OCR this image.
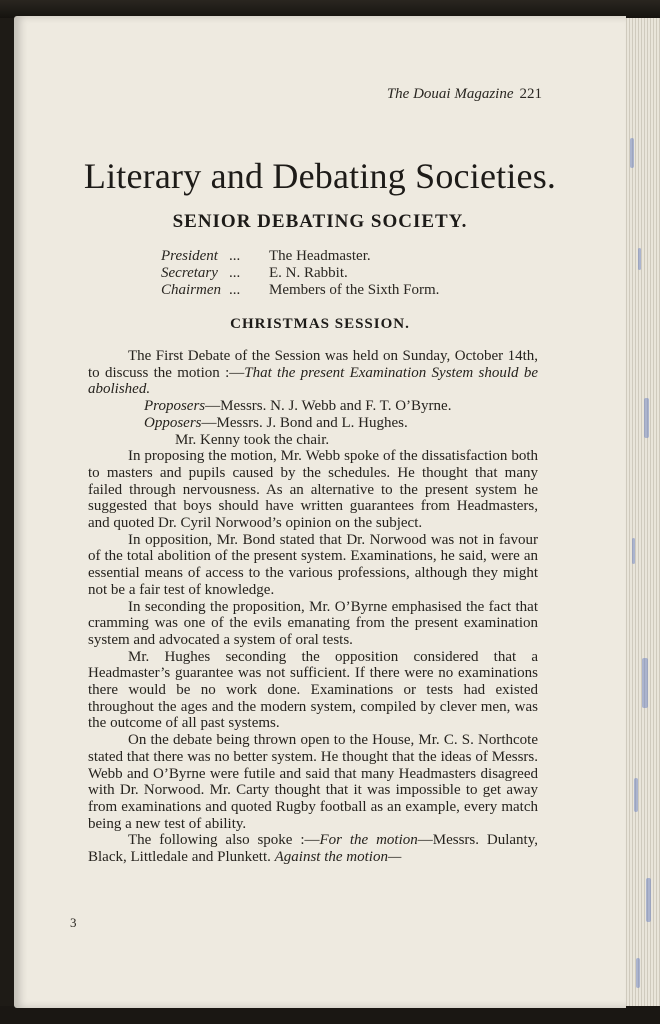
The Douai Magazine 221
Literary and Debating Societies.
SENIOR DEBATING SOCIETY.
President ... The Headmaster.
Secretary ... E. N. Rabbit.
Chairmen ... Members of the Sixth Form.
CHRISTMAS SESSION.

The First Debate of the Session was held on Sunday, October 14th, to discuss the motion :—That the present Examination System should be abolished.

Proposers—Messrs. N. J. Webb and F. T. O’Byrne.

Opposers—Messrs. J. Bond and L. Hughes.

Mr. Kenny took the chair.

In proposing the motion, Mr. Webb spoke of the dissatisfaction both to masters and pupils caused by the schedules. He thought that many failed through nervousness. As an alternative to the present system he suggested that boys should have written guarantees from Headmasters, and quoted Dr. Cyril Norwood’s opinion on the subject.

In opposition, Mr. Bond stated that Dr. Norwood was not in favour of the total abolition of the present system. Examinations, he said, were an essential means of access to the various professions, although they might not be a fair test of knowledge.

In seconding the proposition, Mr. O’Byrne emphasised the fact that cramming was one of the evils emanating from the present examination system and advocated a system of oral tests.

Mr. Hughes seconding the opposition considered that a Headmaster’s guarantee was not sufficient. If there were no examinations there would be no work done. Examinations or tests had existed throughout the ages and the modern system, compiled by clever men, was the outcome of all past systems.

On the debate being thrown open to the House, Mr. C. S. Northcote stated that there was no better system. He thought that the ideas of Messrs. Webb and O’Byrne were futile and said that many Headmasters disagreed with Dr. Norwood. Mr. Carty thought that it was impossible to get away from examinations and quoted Rugby football as an example, every match being a new test of ability.

The following also spoke :—For the motion—Messrs. Dulanty, Black, Littledale and Plunkett. Against the motion—

3
